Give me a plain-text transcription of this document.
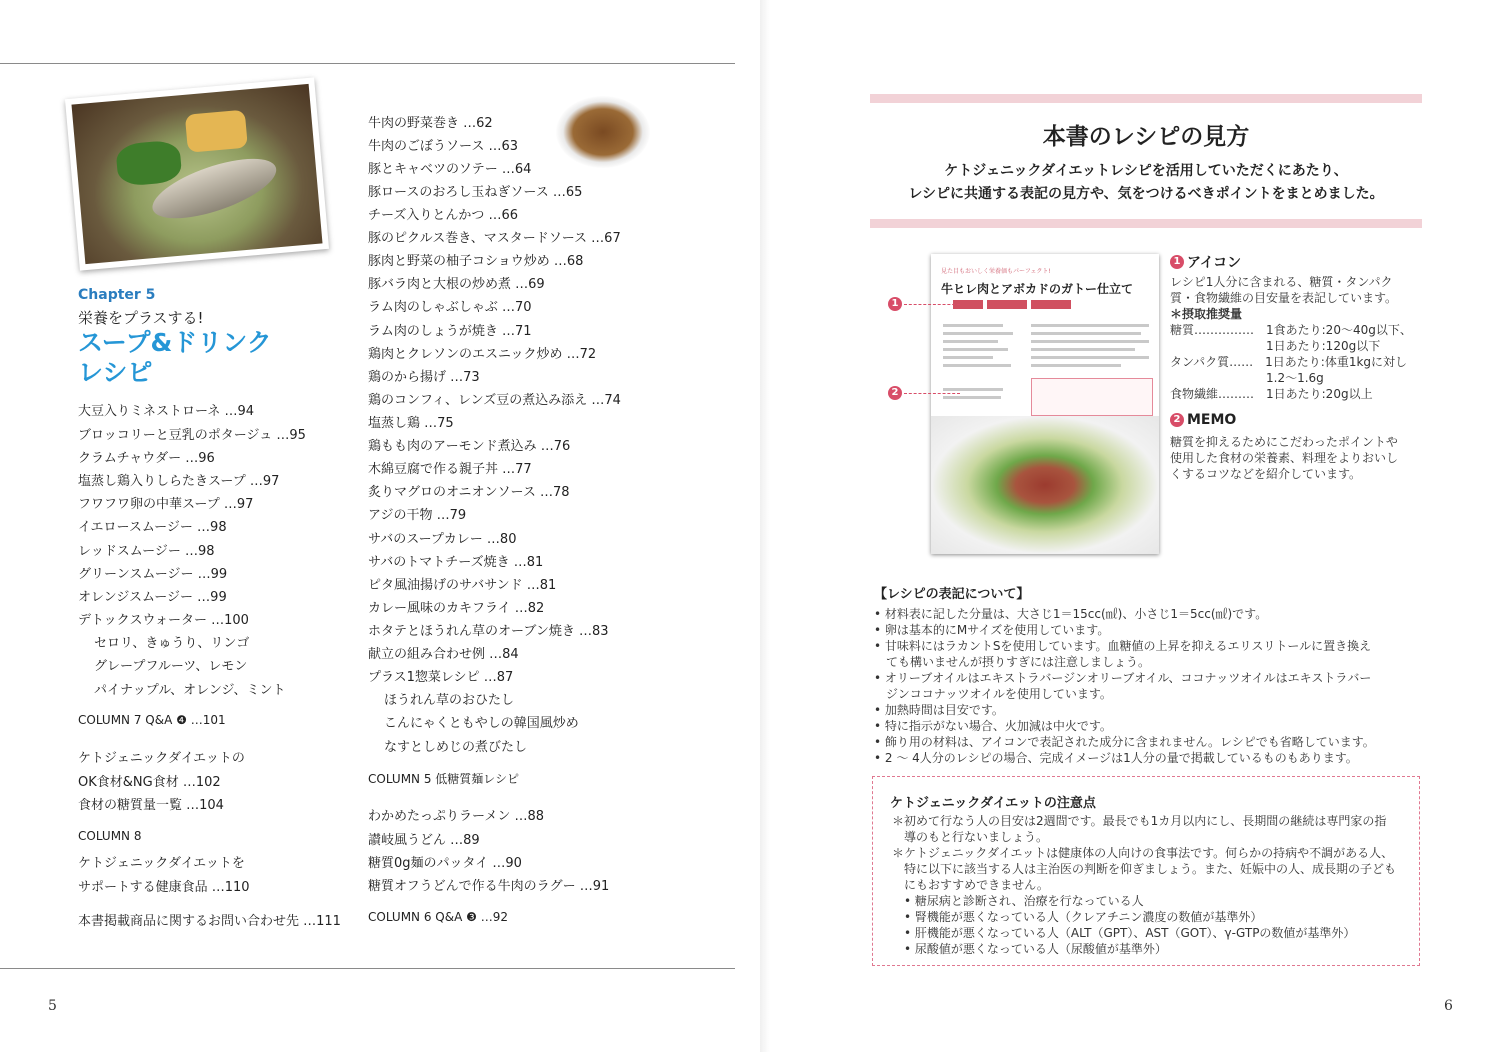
Chapter 5
栄養をプラスする!
スープ&ドリンク
レシピ
大豆入りミネストローネ …94
ブロッコリーと豆乳のポタージュ …95
クラムチャウダー …96
塩蒸し鶏入りしらたきスープ …97
フワフワ卵の中華スープ …97
イエロースムージー …98
レッドスムージー …98
グリーンスムージー …99
オレンジスムージー …99
デトックスウォーター …100
セロリ、きゅうり、リンゴ
グレープフルーツ、レモン
パイナップル、オレンジ、ミント
COLUMN 7 Q&A ❹ …101
ケトジェニックダイエットの
OK食材&NG食材 …102
食材の糖質量一覧 …104
COLUMN 8
ケトジェニックダイエットを
サポートする健康食品 …110
本書掲載商品に関するお問い合わせ先 …111
牛肉の野菜巻き …62
牛肉のごぼうソース …63
豚とキャベツのソテー …64
豚ロースのおろし玉ねぎソース …65
チーズ入りとんかつ …66
豚のピクルス巻き、マスタードソース …67
豚肉と野菜の柚子コショウ炒め …68
豚バラ肉と大根の炒め煮 …69
ラム肉のしゃぶしゃぶ …70
ラム肉のしょうが焼き …71
鶏肉とクレソンのエスニック炒め …72
鶏のから揚げ …73
鶏のコンフィ、レンズ豆の煮込み添え …74
塩蒸し鶏 …75
鶏もも肉のアーモンド煮込み …76
木綿豆腐で作る親子丼 …77
炙りマグロのオニオンソース …78
アジの干物 …79
サバのスープカレー …80
サバのトマトチーズ焼き …81
ピタ風油揚げのサバサンド …81
カレー風味のカキフライ …82
ホタテとほうれん草のオーブン焼き …83
献立の組み合わせ例 …84
プラス1惣菜レシピ …87
ほうれん草のおひたし
こんにゃくともやしの韓国風炒め
なすとしめじの煮びたし
COLUMN 5 低糖質麺レシピ
わかめたっぷりラーメン …88
讃岐風うどん …89
糖質0g麺のパッタイ …90
糖質オフうどんで作る牛肉のラグー …91
COLUMN 6 Q&A ❸ …92
5
本書のレシピの見方
ケトジェニックダイエットレシピを活用していただくにあたり、
レシピに共通する表記の見方や、気をつけるべきポイントをまとめました。
見た目もおいしく栄養価もパーフェクト!
牛ヒレ肉とアボカドのガトー仕立て
1
2
1 アイコン
レシピ1人分に含まれる、糖質・タンパク
質・食物繊維の目安量を表記しています。
＊摂取推奨量
糖質……………　1食あたり:20～40g以下、
　　　　　　　　1日あたり:120g以下
タンパク質……　1日あたり:体重1kgに対し
　　　　　　　　1.2～1.6g
食物繊維………　1日あたり:20g以上
2 MEMO
糖質を抑えるためにこだわったポイントや
使用した食材の栄養素、料理をよりおいし
くするコツなどを紹介しています。
【レシピの表記について】
• 材料表に記した分量は、大さじ1＝15cc(㎖)、小さじ1＝5cc(㎖)です。
• 卵は基本的にMサイズを使用しています。
• 甘味料にはラカントSを使用しています。血糖値の上昇を抑えるエリスリトールに置き換え
　ても構いませんが摂りすぎには注意しましょう。
• オリーブオイルはエキストラバージンオリーブオイル、ココナッツオイルはエキストラバー
　ジンココナッツオイルを使用しています。
• 加熱時間は目安です。
• 特に指示がない場合、火加減は中火です。
• 飾り用の材料は、アイコンで表記された成分に含まれません。レシピでも省略しています。
• 2 ～ 4人分のレシピの場合、完成イメージは1人分の量で掲載しているものもあります。
ケトジェニックダイエットの注意点
＊初めて行なう人の目安は2週間です。最長でも1カ月以内にし、長期間の継続は専門家の指
　導のもと行ないましょう。
＊ケトジェニックダイエットは健康体の人向けの食事法です。何らかの持病や不調がある人、
　特に以下に該当する人は主治医の判断を仰ぎましょう。また、妊娠中の人、成長期の子ども
　にもおすすめできません。
　• 糖尿病と診断され、治療を行なっている人
　• 腎機能が悪くなっている人（クレアチニン濃度の数値が基準外）
　• 肝機能が悪くなっている人（ALT（GPT）、AST（GOT）、γ-GTPの数値が基準外）
　• 尿酸値が悪くなっている人（尿酸値が基準外）
6
